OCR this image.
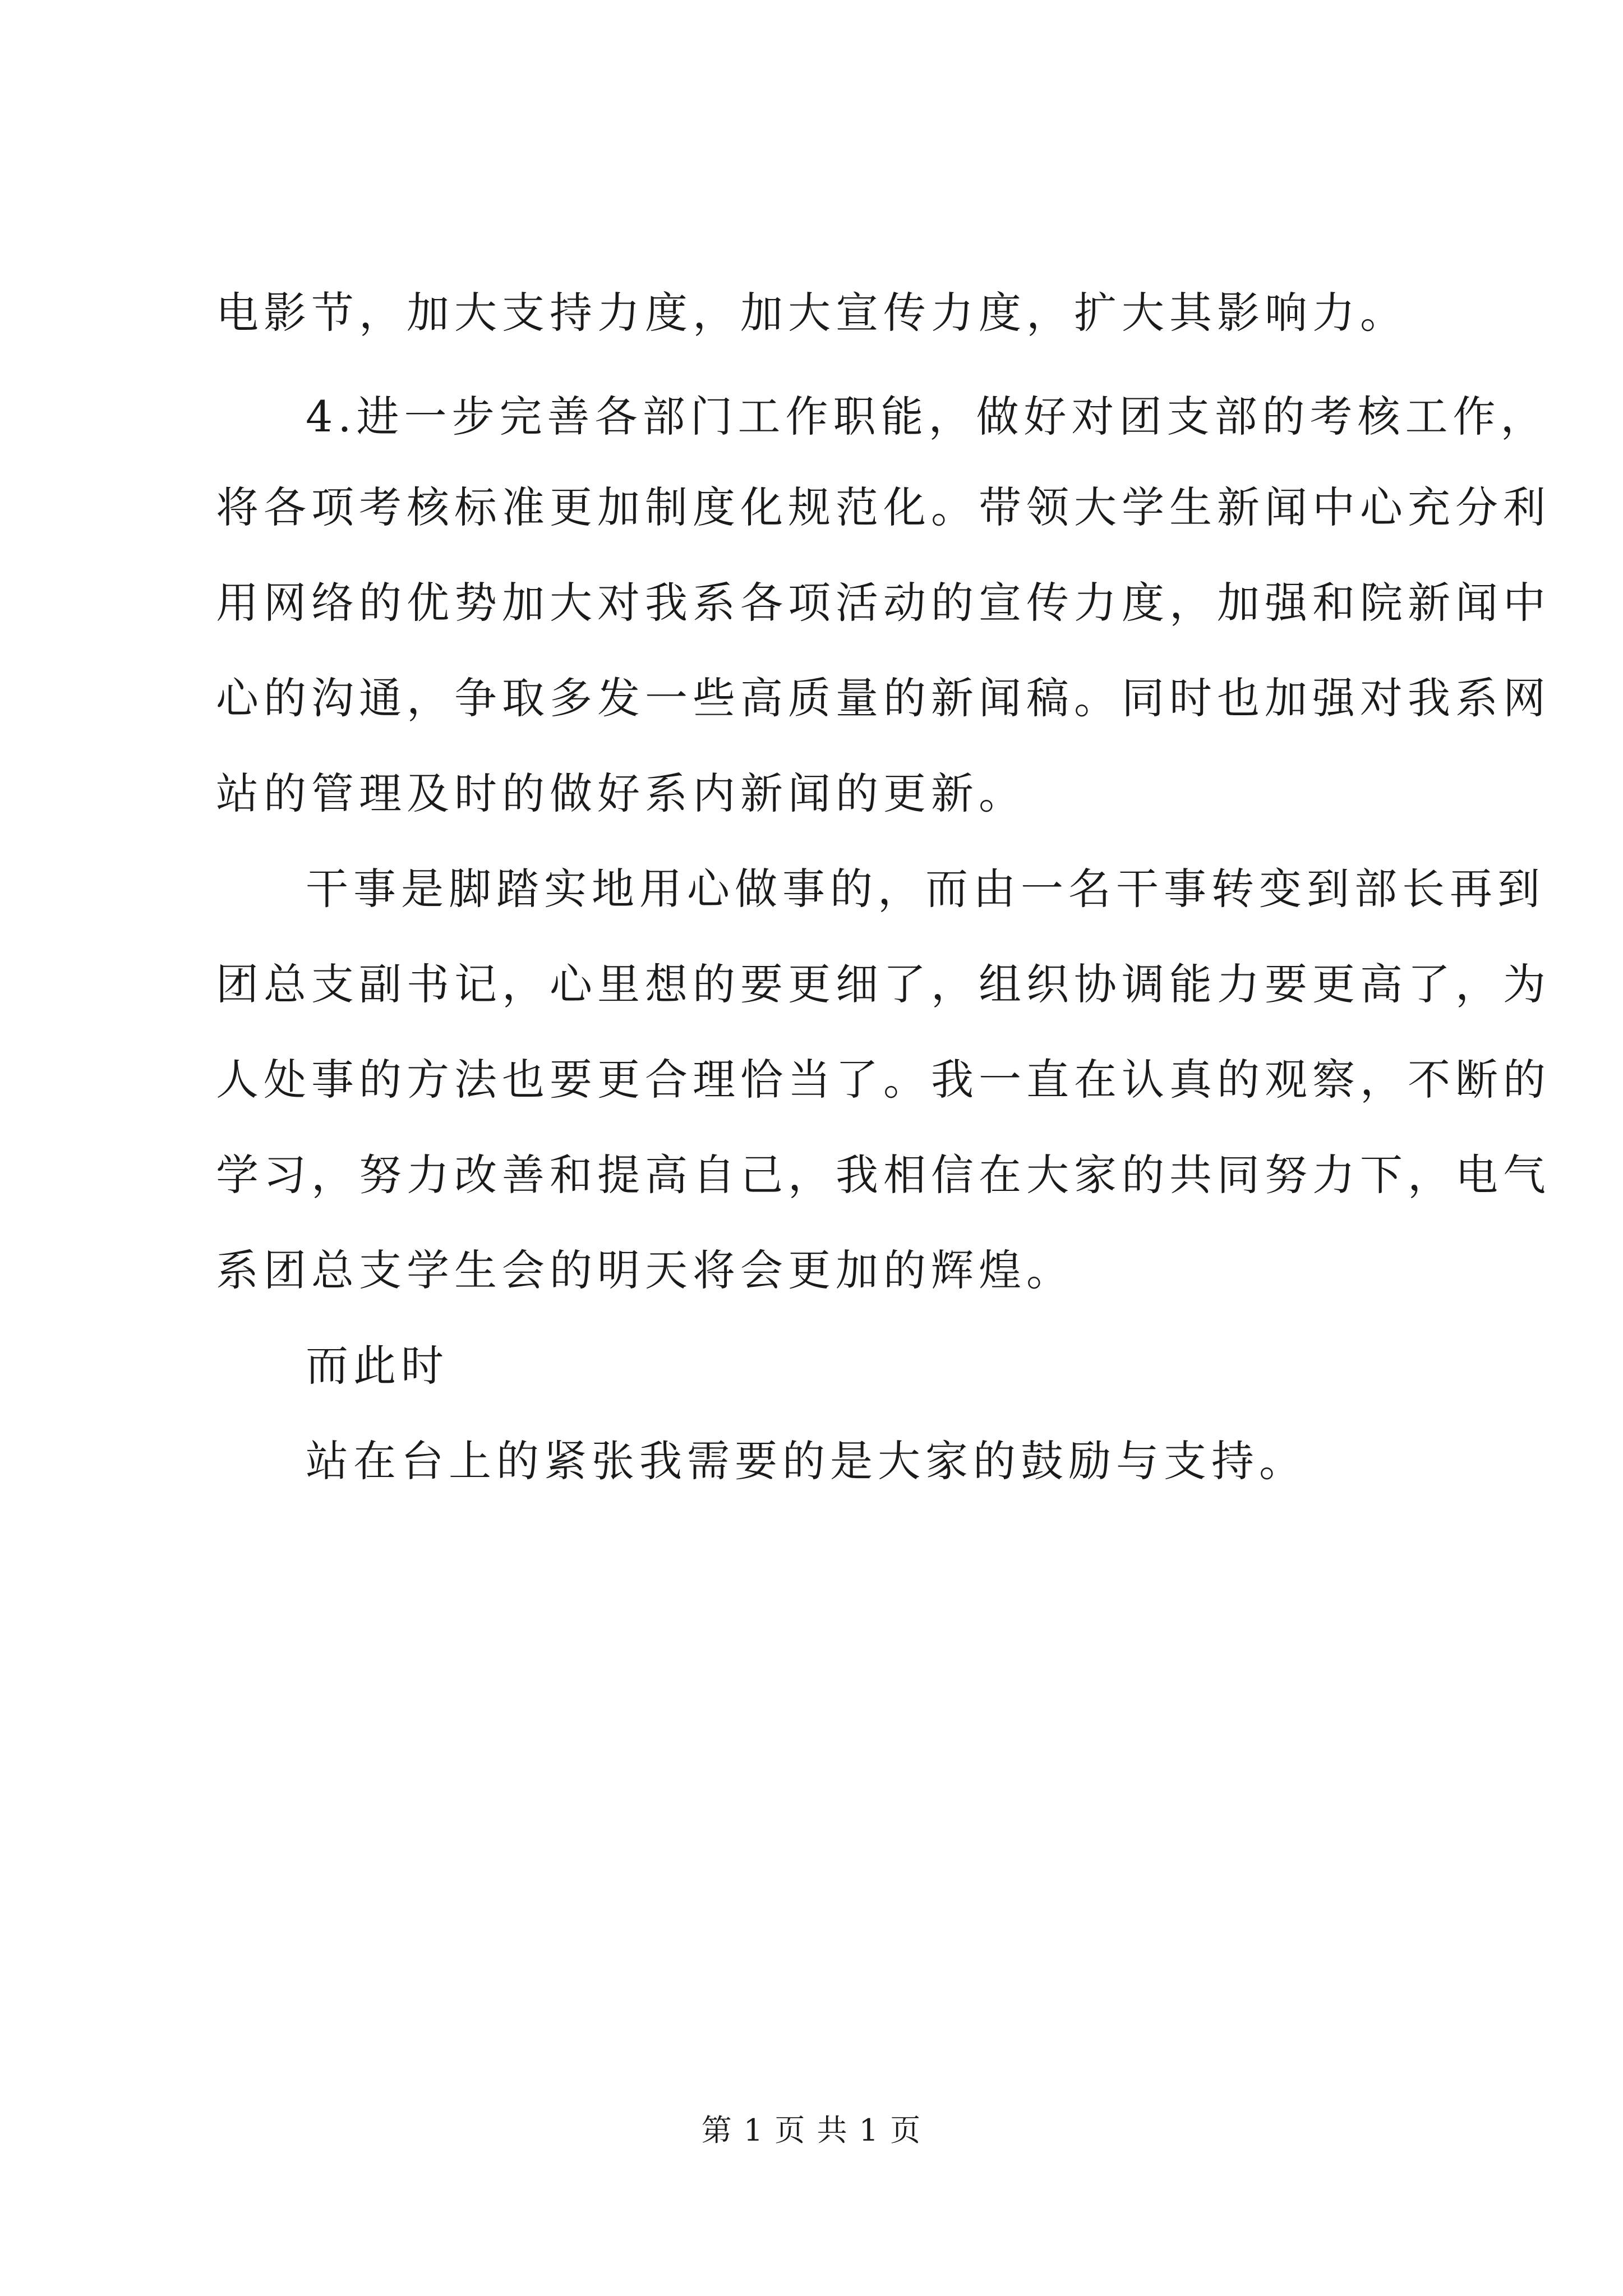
电影节，加大支持力度，加大宣传力度，扩大其影响力。
4.进一步完善各部门工作职能，做好对团支部的考核工作，
将各项考核标准更加制度化规范化。带领大学生新闻中心充分利
用网络的优势加大对我系各项活动的宣传力度，加强和院新闻中
心的沟通，争取多发一些高质量的新闻稿。同时也加强对我系网
站的管理及时的做好系内新闻的更新。
干事是脚踏实地用心做事的，而由一名干事转变到部长再到
团总支副书记，心里想的要更细了，组织协调能力要更高了，为
人处事的方法也要更合理恰当了。我一直在认真的观察，不断的
学习，努力改善和提高自己，我相信在大家的共同努力下，电气
系团总支学生会的明天将会更加的辉煌。
而此时
站在台上的紧张我需要的是大家的鼓励与支持。
第 1 页 共 1 页
